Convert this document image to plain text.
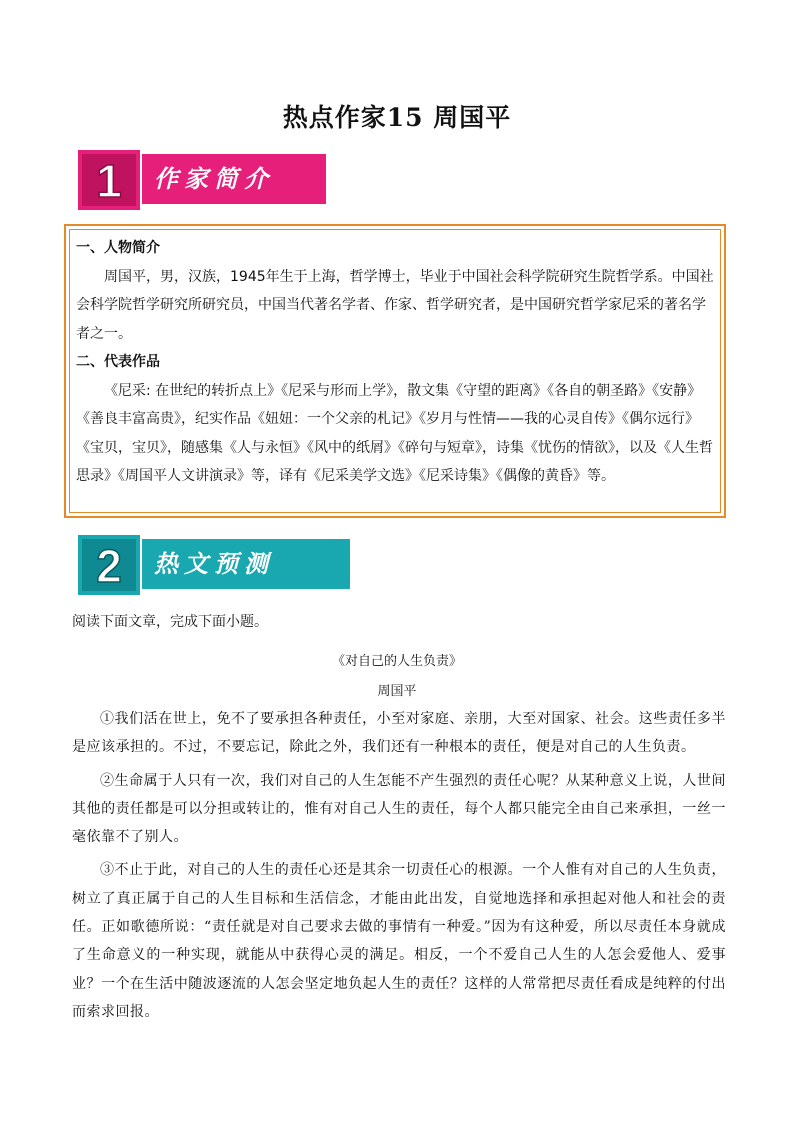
热点作家15 周国平
1	作家简介
一、人物简介

周国平，男，汉族，1945年生于上海，哲学博士，毕业于中国社会科学院研究生院哲学系。中国社会科学院哲学研究所研究员，中国当代著名学者、作家、哲学研究者，是中国研究哲学家尼采的著名学者之一。

二、代表作品

《尼采: 在世纪的转折点上》《尼采与形而上学》，散文集《守望的距离》《各自的朝圣路》《安静》《善良丰富高贵》，纪实作品《妞妞：一个父亲的札记》《岁月与性情——我的心灵自传》《偶尔远行》《宝贝，宝贝》，随感集《人与永恒》《风中的纸屑》《碎句与短章》，诗集《忧伤的情欲》，以及《人生哲思录》《周国平人文讲演录》等，译有《尼采美学文选》《尼采诗集》《偶像的黄昏》等。

2	热文预测
阅读下面文章，完成下面小题。
《对自己的人生负责》
周国平

①我们活在世上，免不了要承担各种责任，小至对家庭、亲朋，大至对国家、社会。这些责任多半是应该承担的。不过，不要忘记，除此之外，我们还有一种根本的责任，便是对自己的人生负责。

②生命属于人只有一次，我们对自己的人生怎能不产生强烈的责任心呢？从某种意义上说，人世间其他的责任都是可以分担或转让的，惟有对自己人生的责任，每个人都只能完全由自己来承担，一丝一毫依靠不了别人。

③不止于此，对自己的人生的责任心还是其余一切责任心的根源。一个人惟有对自己的人生负责，树立了真正属于自己的人生目标和生活信念，才能由此出发，自觉地选择和承担起对他人和社会的责任。正如歌德所说：“责任就是对自己要求去做的事情有一种爱。”因为有这种爱，所以尽责任本身就成了生命意义的一种实现，就能从中获得心灵的满足。相反，一个不爱自己人生的人怎会爱他人、爱事业？一个在生活中随波逐流的人怎会坚定地负起人生的责任？这样的人常常把尽责任看成是纯粹的付出而索求回报。
